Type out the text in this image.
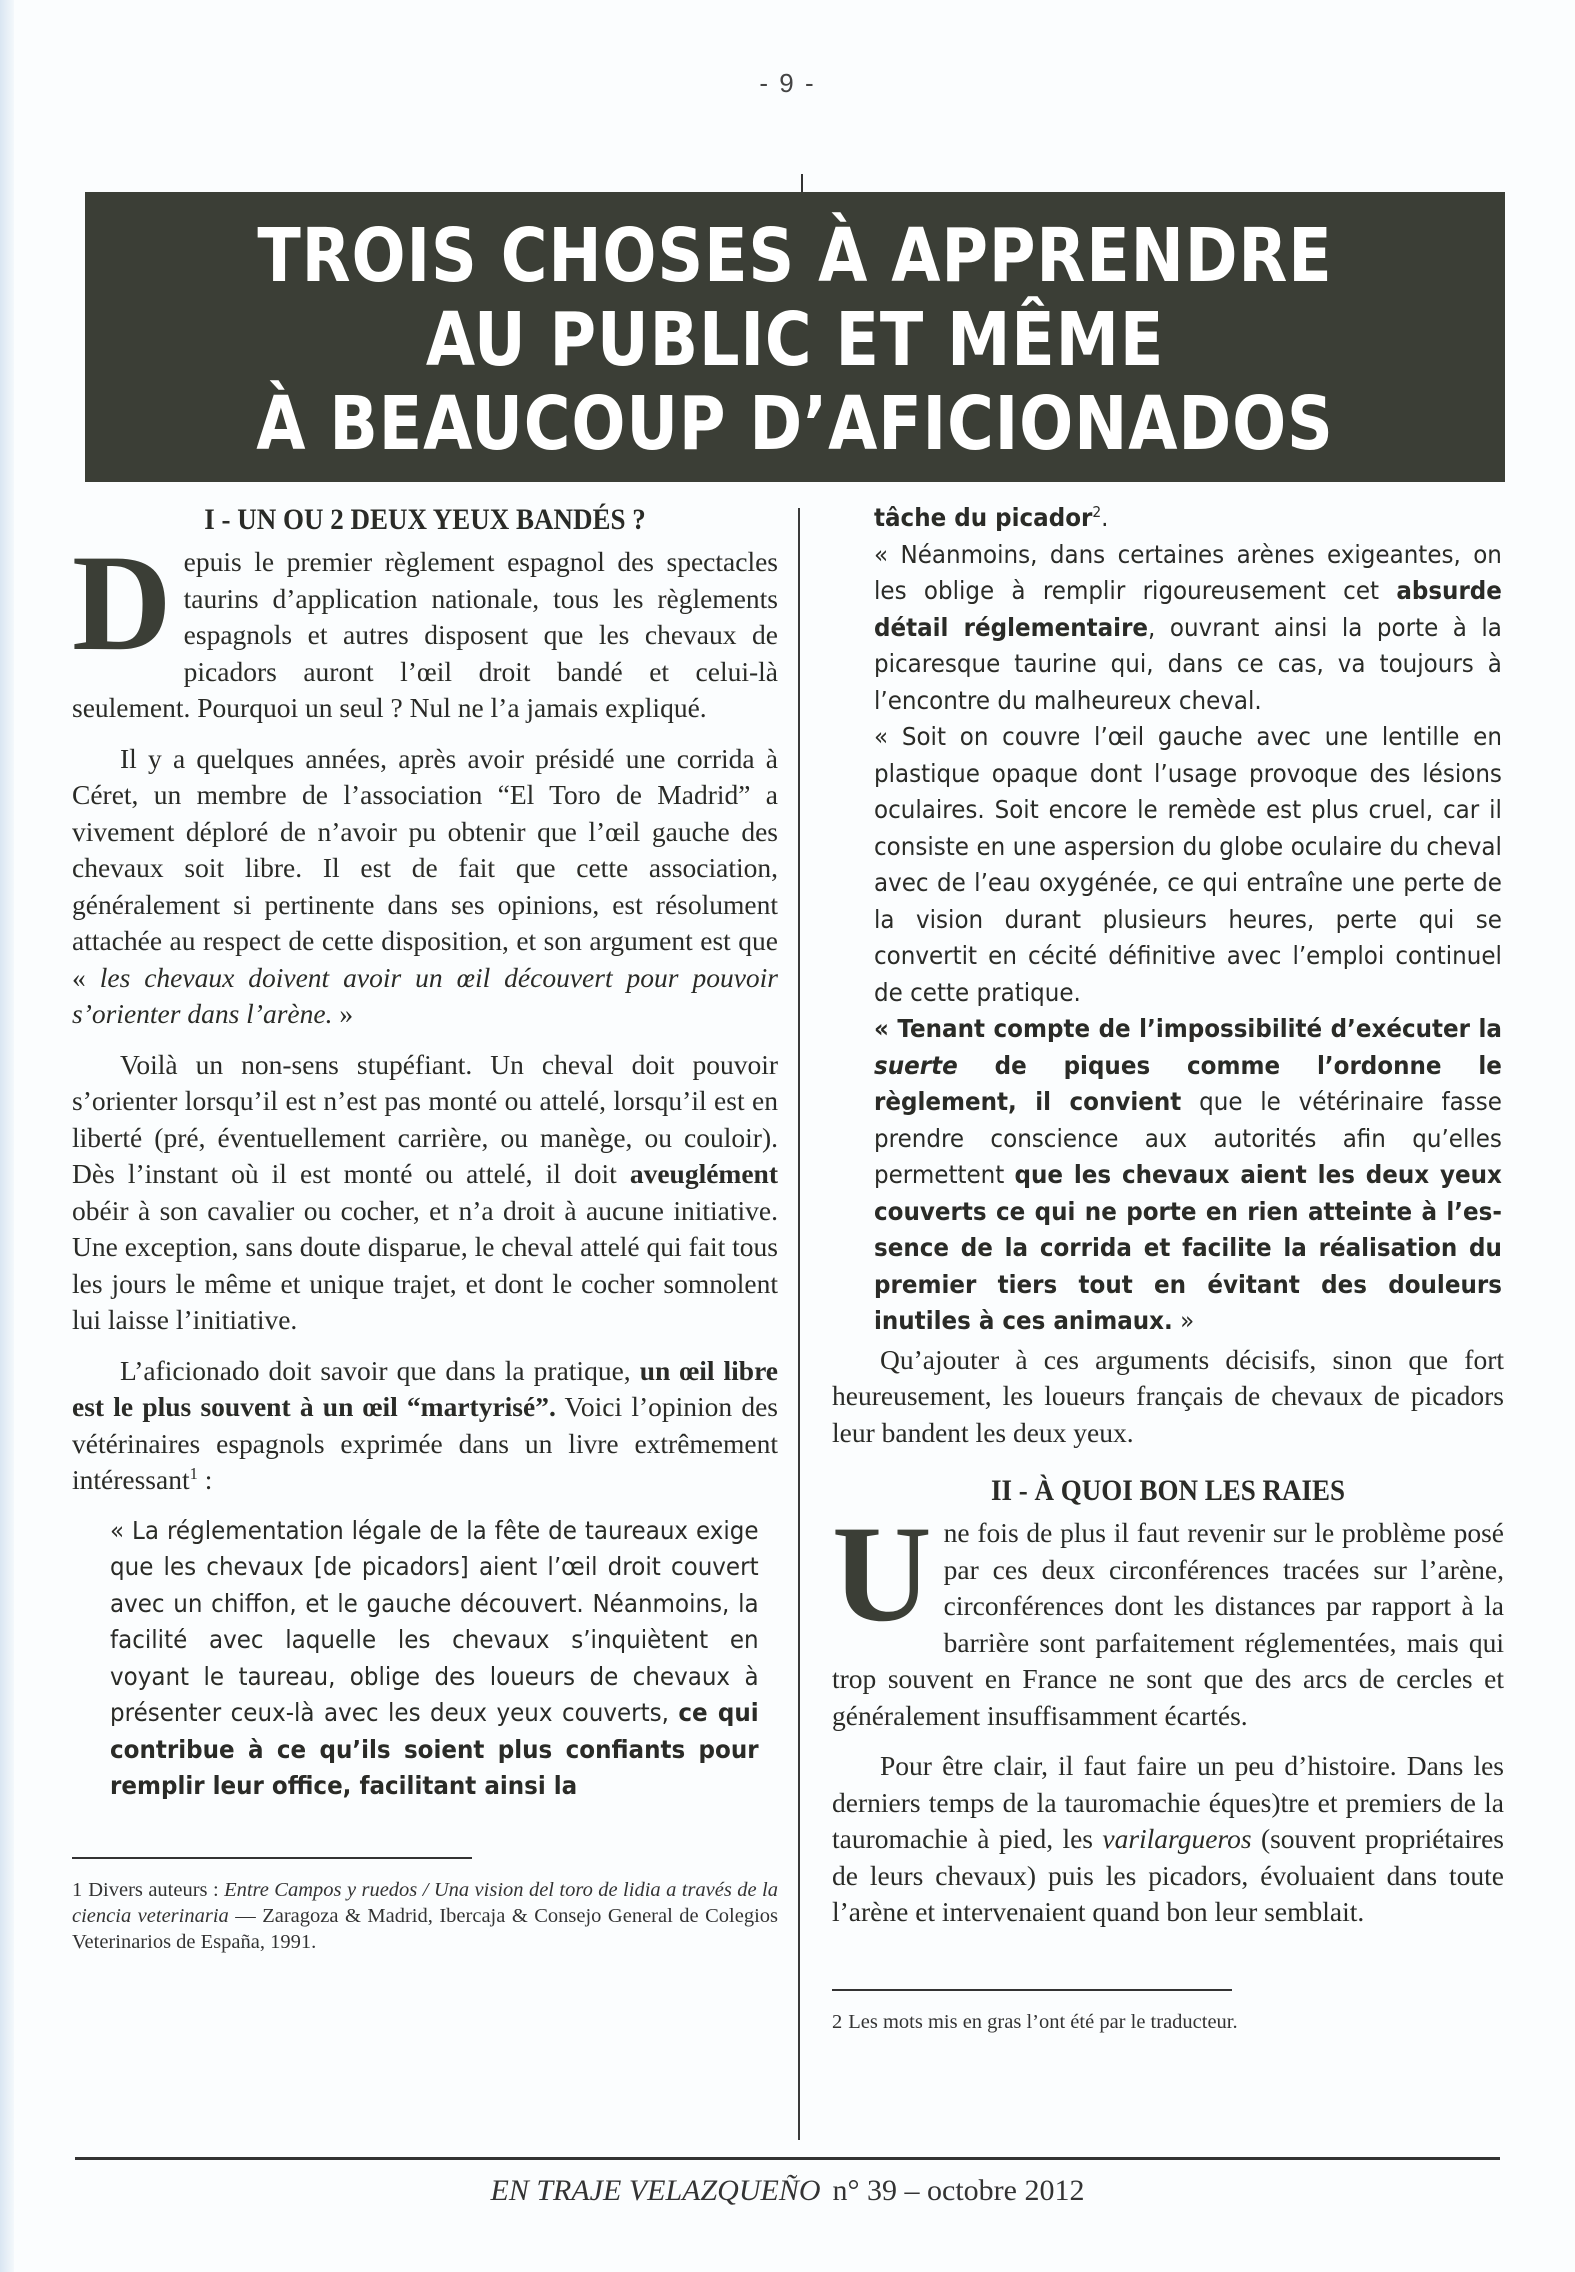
- 9 -
TROIS CHOSES À APPRENDRE
AU PUBLIC ET MÊME
À BEAUCOUP D’AFICIONADOS
I - UN OU 2 DEUX YEUX BANDÉS ?

Depuis le premier règlement espagnol des spectacles taurins d’application nationale, tous les règlements espagnols et autres disposent que les chevaux de picadors auront l’œil droit bandé et celui-là seulement. Pourquoi un seul ? Nul ne l’a jamais expliqué.

Il y a quelques années, après avoir présidé une corrida à Céret, un membre de l’association “El Toro de Madrid” a vivement déploré de n’avoir pu obtenir que l’œil gauche des chevaux soit libre. Il est de fait que cette association, généralement si pertinente dans ses opinions, est résolument attachée au respect de cette disposition, et son argument est que « les chevaux doivent avoir un œil découvert pour pouvoir s’orienter dans l’arène. »

Voilà un non-sens stupéfiant. Un cheval doit pouvoir s’orienter lorsqu’il est n’est pas monté ou attelé, lorsqu’il est en liberté (pré, éventuellement carrière, ou manège, ou couloir). Dès l’instant où il est monté ou attelé, il doit aveuglément obéir à son cavalier ou cocher, et n’a droit à aucune initiative. Une exception, sans doute disparue, le cheval attelé qui fait tous les jours le même et unique trajet, et dont le cocher somnolent lui laisse l’initiative.

L’aficionado doit savoir que dans la pratique, un œil libre est le plus souvent à un œil “martyrisé”. Voici l’opinion des vétérinaires espagnols exprimée dans un livre extrêmement intéressant$^1$ :

« La réglementation légale de la fête de taureaux exige que les chevaux [de picadors] aient l’œil droit couvert avec un chiffon, et le gauche découvert. Néanmoins, la facilité avec laquelle les chevaux s’inquiètent en voyant le taureau, oblige des loueurs de chevaux à présenter ceux-là avec les deux yeux couverts, ce qui contribue à ce qu’ils soient plus confiants pour remplir leur office, facilitant ainsi la
1 Divers auteurs : Entre Campos y ruedos / Una vision del toro de lidia a través de la ciencia veterinaria — Zaragoza & Madrid, Ibercaja & Consejo General de Colegios Veterinarios de España, 1991.
tâche du picador$^2$.
« Néanmoins, dans certaines arènes exigeantes, on les oblige à remplir rigoureusement cet absurde détail réglementaire, ouvrant ainsi la porte à la picaresque taurine qui, dans ce cas, va toujours à l’encontre du malheureux cheval.
« Soit on couvre l’œil gauche avec une lentille en plastique opaque dont l’usage provoque des lésions oculaires. Soit encore le remède est plus cruel, car il consiste en une aspersion du globe oculaire du cheval avec de l’eau oxygénée, ce qui entraîne une perte de la vision durant plusieurs heures, perte qui se convertit en cécité définitive avec l’emploi continuel de cette pratique.
« Tenant compte de l’impossibilité d’exécuter la suerte de piques comme l’ordonne le règlement, il convient que le vétérinaire fasse prendre conscience aux autorités afin qu’elles permettent que les chevaux aient les deux yeux couverts ce qui ne porte en rien atteinte à l’essence de la corrida et facilite la réalisation du premier tiers tout en évitant des douleurs inutiles à ces animaux. »

Qu’ajouter à ces arguments décisifs, sinon que fort heureusement, les loueurs français de chevaux de picadors leur bandent les deux yeux.

II - À QUOI BON LES RAIES

Une fois de plus il faut revenir sur le problème posé par ces deux circonférences tracées sur l’arène, circonférences dont les distances par rapport à la barrière sont parfaitement réglementées, mais qui trop souvent en France ne sont que des arcs de cercles et généralement insuffisamment écartés.

Pour être clair, il faut faire un peu d’histoire. Dans les derniers temps de la tauromachie éques)tre et premiers de la tauromachie à pied, les varilargueros (souvent propriétaires de leurs chevaux) puis les picadors, évoluaient dans toute l’arène et intervenaient quand bon leur semblait.

2 Les mots mis en gras l’ont été par le traducteur.
EN TRAJE VELAZQUEÑO n° 39 – octobre 2012
